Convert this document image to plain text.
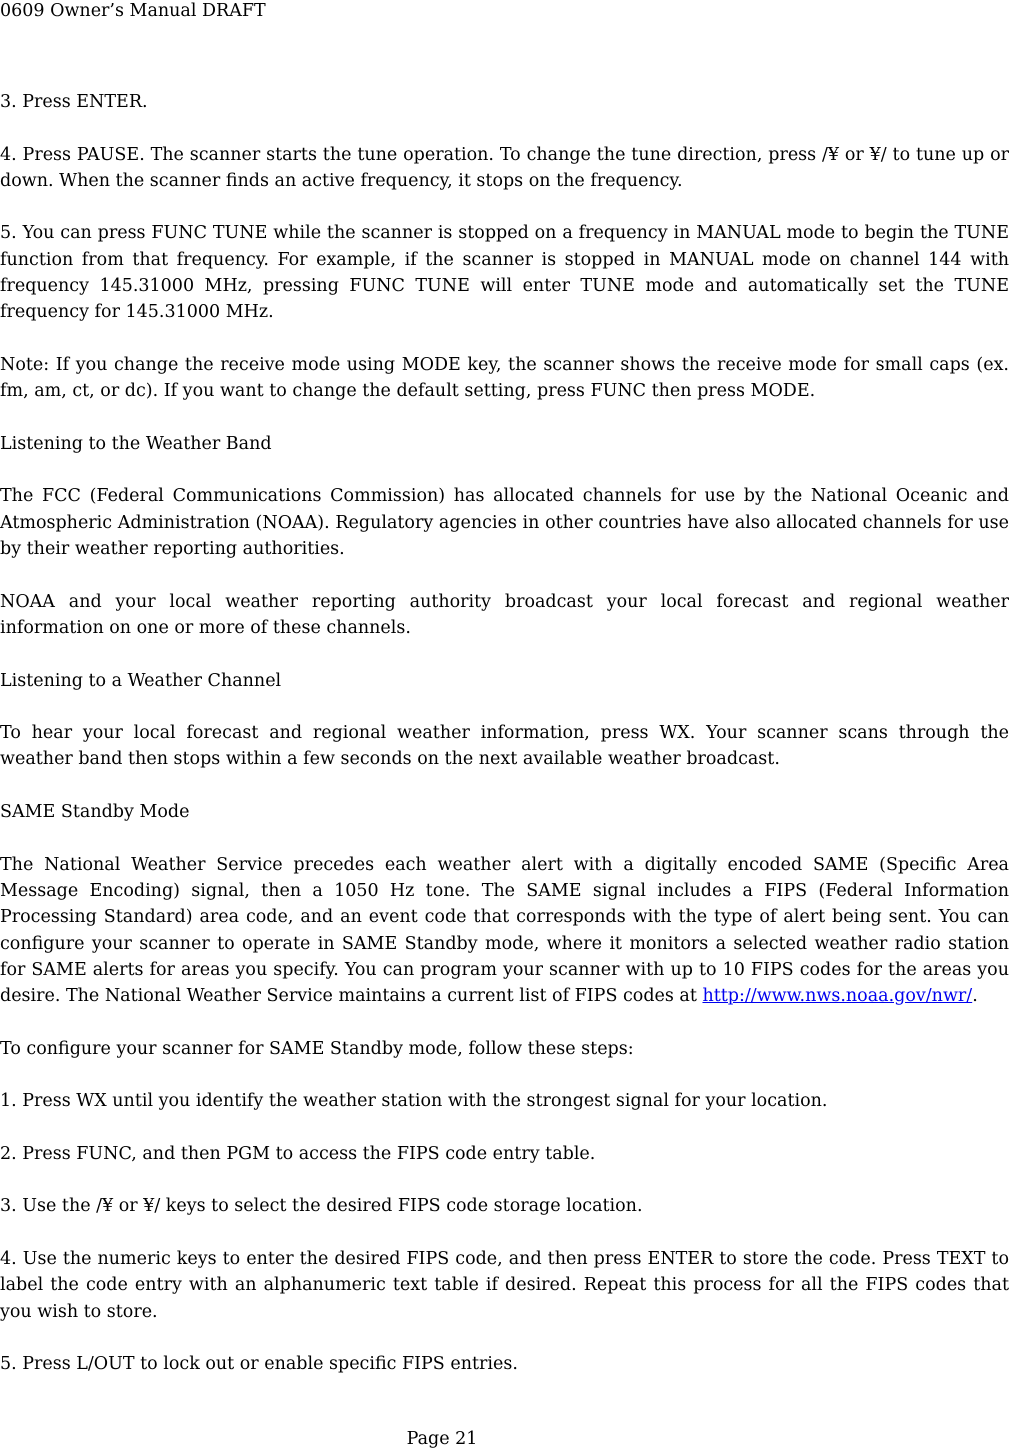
0609 Owner’s Manual DRAFT

3. Press ENTER.

4. Press PAUSE. The scanner starts the tune operation. To change the tune direction, press /¥ or ¥/ to tune up or down. When the scanner finds an active frequency, it stops on the frequency.

5. You can press FUNC TUNE while the scanner is stopped on a frequency in MANUAL mode to begin the TUNE function from that frequency. For example, if the scanner is stopped in MANUAL mode on channel 144 with frequency 145.31000 MHz, pressing FUNC TUNE will enter TUNE mode and automatically set the TUNE frequency for 145.31000 MHz.

Note: If you change the receive mode using MODE key, the scanner shows the receive mode for small caps (ex. fm, am, ct, or dc). If you want to change the default setting, press FUNC then press MODE.

Listening to the Weather Band

The FCC (Federal Communications Commission) has allocated channels for use by the National Oceanic and Atmospheric Administration (NOAA). Regulatory agencies in other countries have also allocated channels for use by their weather reporting authorities.

NOAA and your local weather reporting authority broadcast your local forecast and regional weather information on one or more of these channels.

Listening to a Weather Channel

To hear your local forecast and regional weather information, press WX. Your scanner scans through the weather band then stops within a few seconds on the next available weather broadcast.

SAME Standby Mode

The National Weather Service precedes each weather alert with a digitally encoded SAME (Specific Area Message Encoding) signal, then a 1050 Hz tone. The SAME signal includes a FIPS (Federal Information Processing Standard) area code, and an event code that corresponds with the type of alert being sent. You can configure your scanner to operate in SAME Standby mode, where it monitors a selected weather radio station for SAME alerts for areas you specify. You can program your scanner with up to 10 FIPS codes for the areas you desire. The National Weather Service maintains a current list of FIPS codes at http://www.nws.noaa.gov/nwr/.

To configure your scanner for SAME Standby mode, follow these steps:

1. Press WX until you identify the weather station with the strongest signal for your location.

2. Press FUNC, and then PGM to access the FIPS code entry table.

3. Use the /¥ or ¥/ keys to select the desired FIPS code storage location.

4. Use the numeric keys to enter the desired FIPS code, and then press ENTER to store the code. Press TEXT to label the code entry with an alphanumeric text table if desired. Repeat this process for all the FIPS codes that you wish to store.

5. Press L/OUT to lock out or enable specific FIPS entries.

Page 21
